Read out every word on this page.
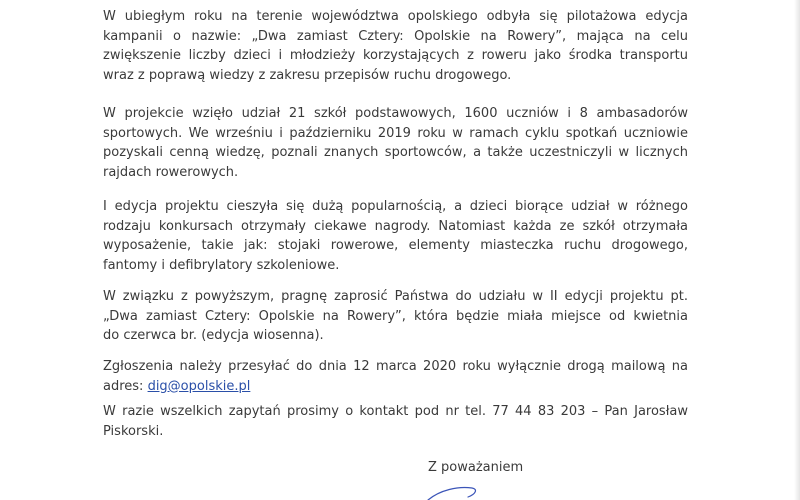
W ubiegłym roku na terenie województwa opolskiego odbyła się pilotażowa edycja
kampanii o nazwie: „Dwa zamiast Cztery: Opolskie na Rowery”, mająca na celu
zwiększenie liczby dzieci i młodzieży korzystających z roweru jako środka transportu
wraz z poprawą wiedzy z zakresu przepisów ruchu drogowego.
W projekcie wzięło udział 21 szkół podstawowych, 1600 uczniów i 8 ambasadorów
sportowych. We wrześniu i październiku 2019 roku w ramach cyklu spotkań uczniowie
pozyskali cenną wiedzę, poznali znanych sportowców, a także uczestniczyli w licznych
rajdach rowerowych.
I edycja projektu cieszyła się dużą popularnością, a dzieci biorące udział w różnego
rodzaju konkursach otrzymały ciekawe nagrody. Natomiast każda ze szkół otrzymała
wyposażenie, takie jak: stojaki rowerowe, elementy miasteczka ruchu drogowego,
fantomy i defibrylatory szkoleniowe.
W związku z powyższym, pragnę zaprosić Państwa do udziału w II edycji projektu pt.
„Dwa zamiast Cztery: Opolskie na Rowery”, która będzie miała miejsce od kwietnia
do czerwca br. (edycja wiosenna).
Zgłoszenia należy przesyłać do dnia 12 marca 2020 roku wyłącznie drogą mailową na
adres: dig@opolskie.pl
W razie wszelkich zapytań prosimy o kontakt pod nr tel. 77 44 83 203 – Pan Jarosław
Piskorski.
Z poważaniem
